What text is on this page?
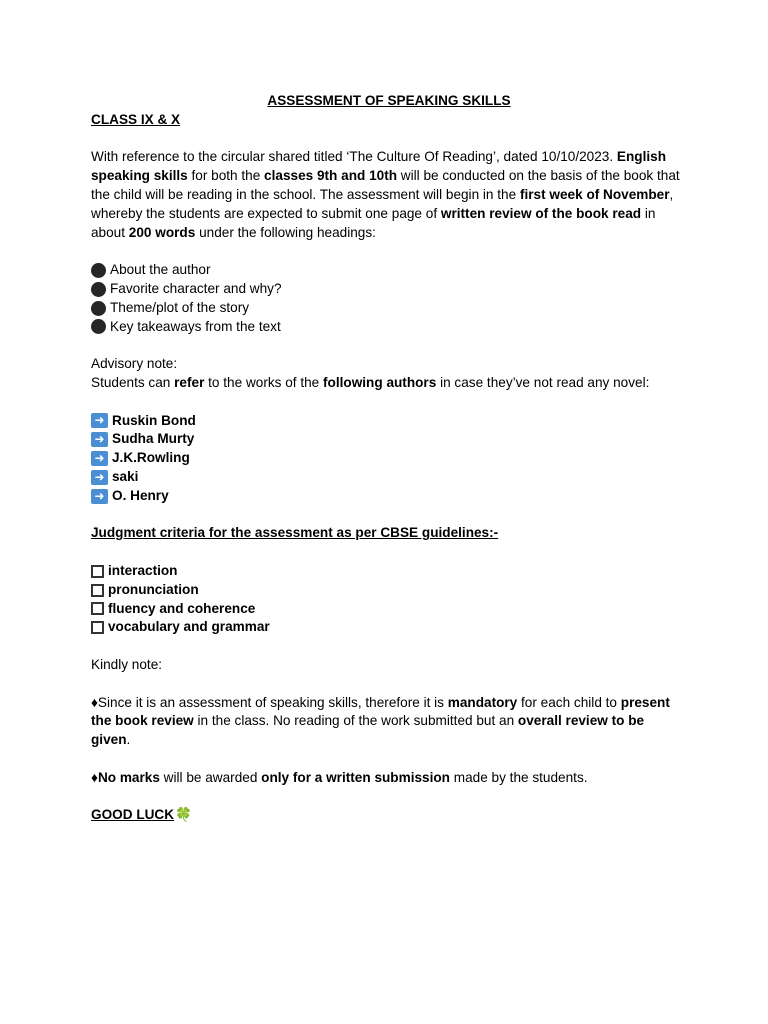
ASSESSMENT OF SPEAKING SKILLS

CLASS IX & X

With reference to the circular shared titled ‘The Culture Of Reading’, dated 10/10/2023. English speaking skills for both the classes 9th and 10th will be conducted on the basis of the book that the child will be reading in the school. The assessment will begin in the first week of November, whereby the students are expected to submit one page of written review of the book read in about 200 words under the following headings:

About the author
Favorite character and why?
Theme/plot of the story
Key takeaways from the text

Advisory note:

Students can refer to the works of the following authors in case they’ve not read any novel:

➜ Ruskin Bond
➜ Sudha Murty
➜ J.K.Rowling
➜ saki
➜ O. Henry

Judgment criteria for the assessment as per CBSE guidelines:-

interaction
pronunciation
fluency and coherence
vocabulary and grammar

Kindly note:

♦Since it is an assessment of speaking skills, therefore it is mandatory for each child to present the book review in the class. No reading of the work submitted but an overall review to be given.

♦No marks will be awarded only for a written submission made by the students.

GOOD LUCK🍀
